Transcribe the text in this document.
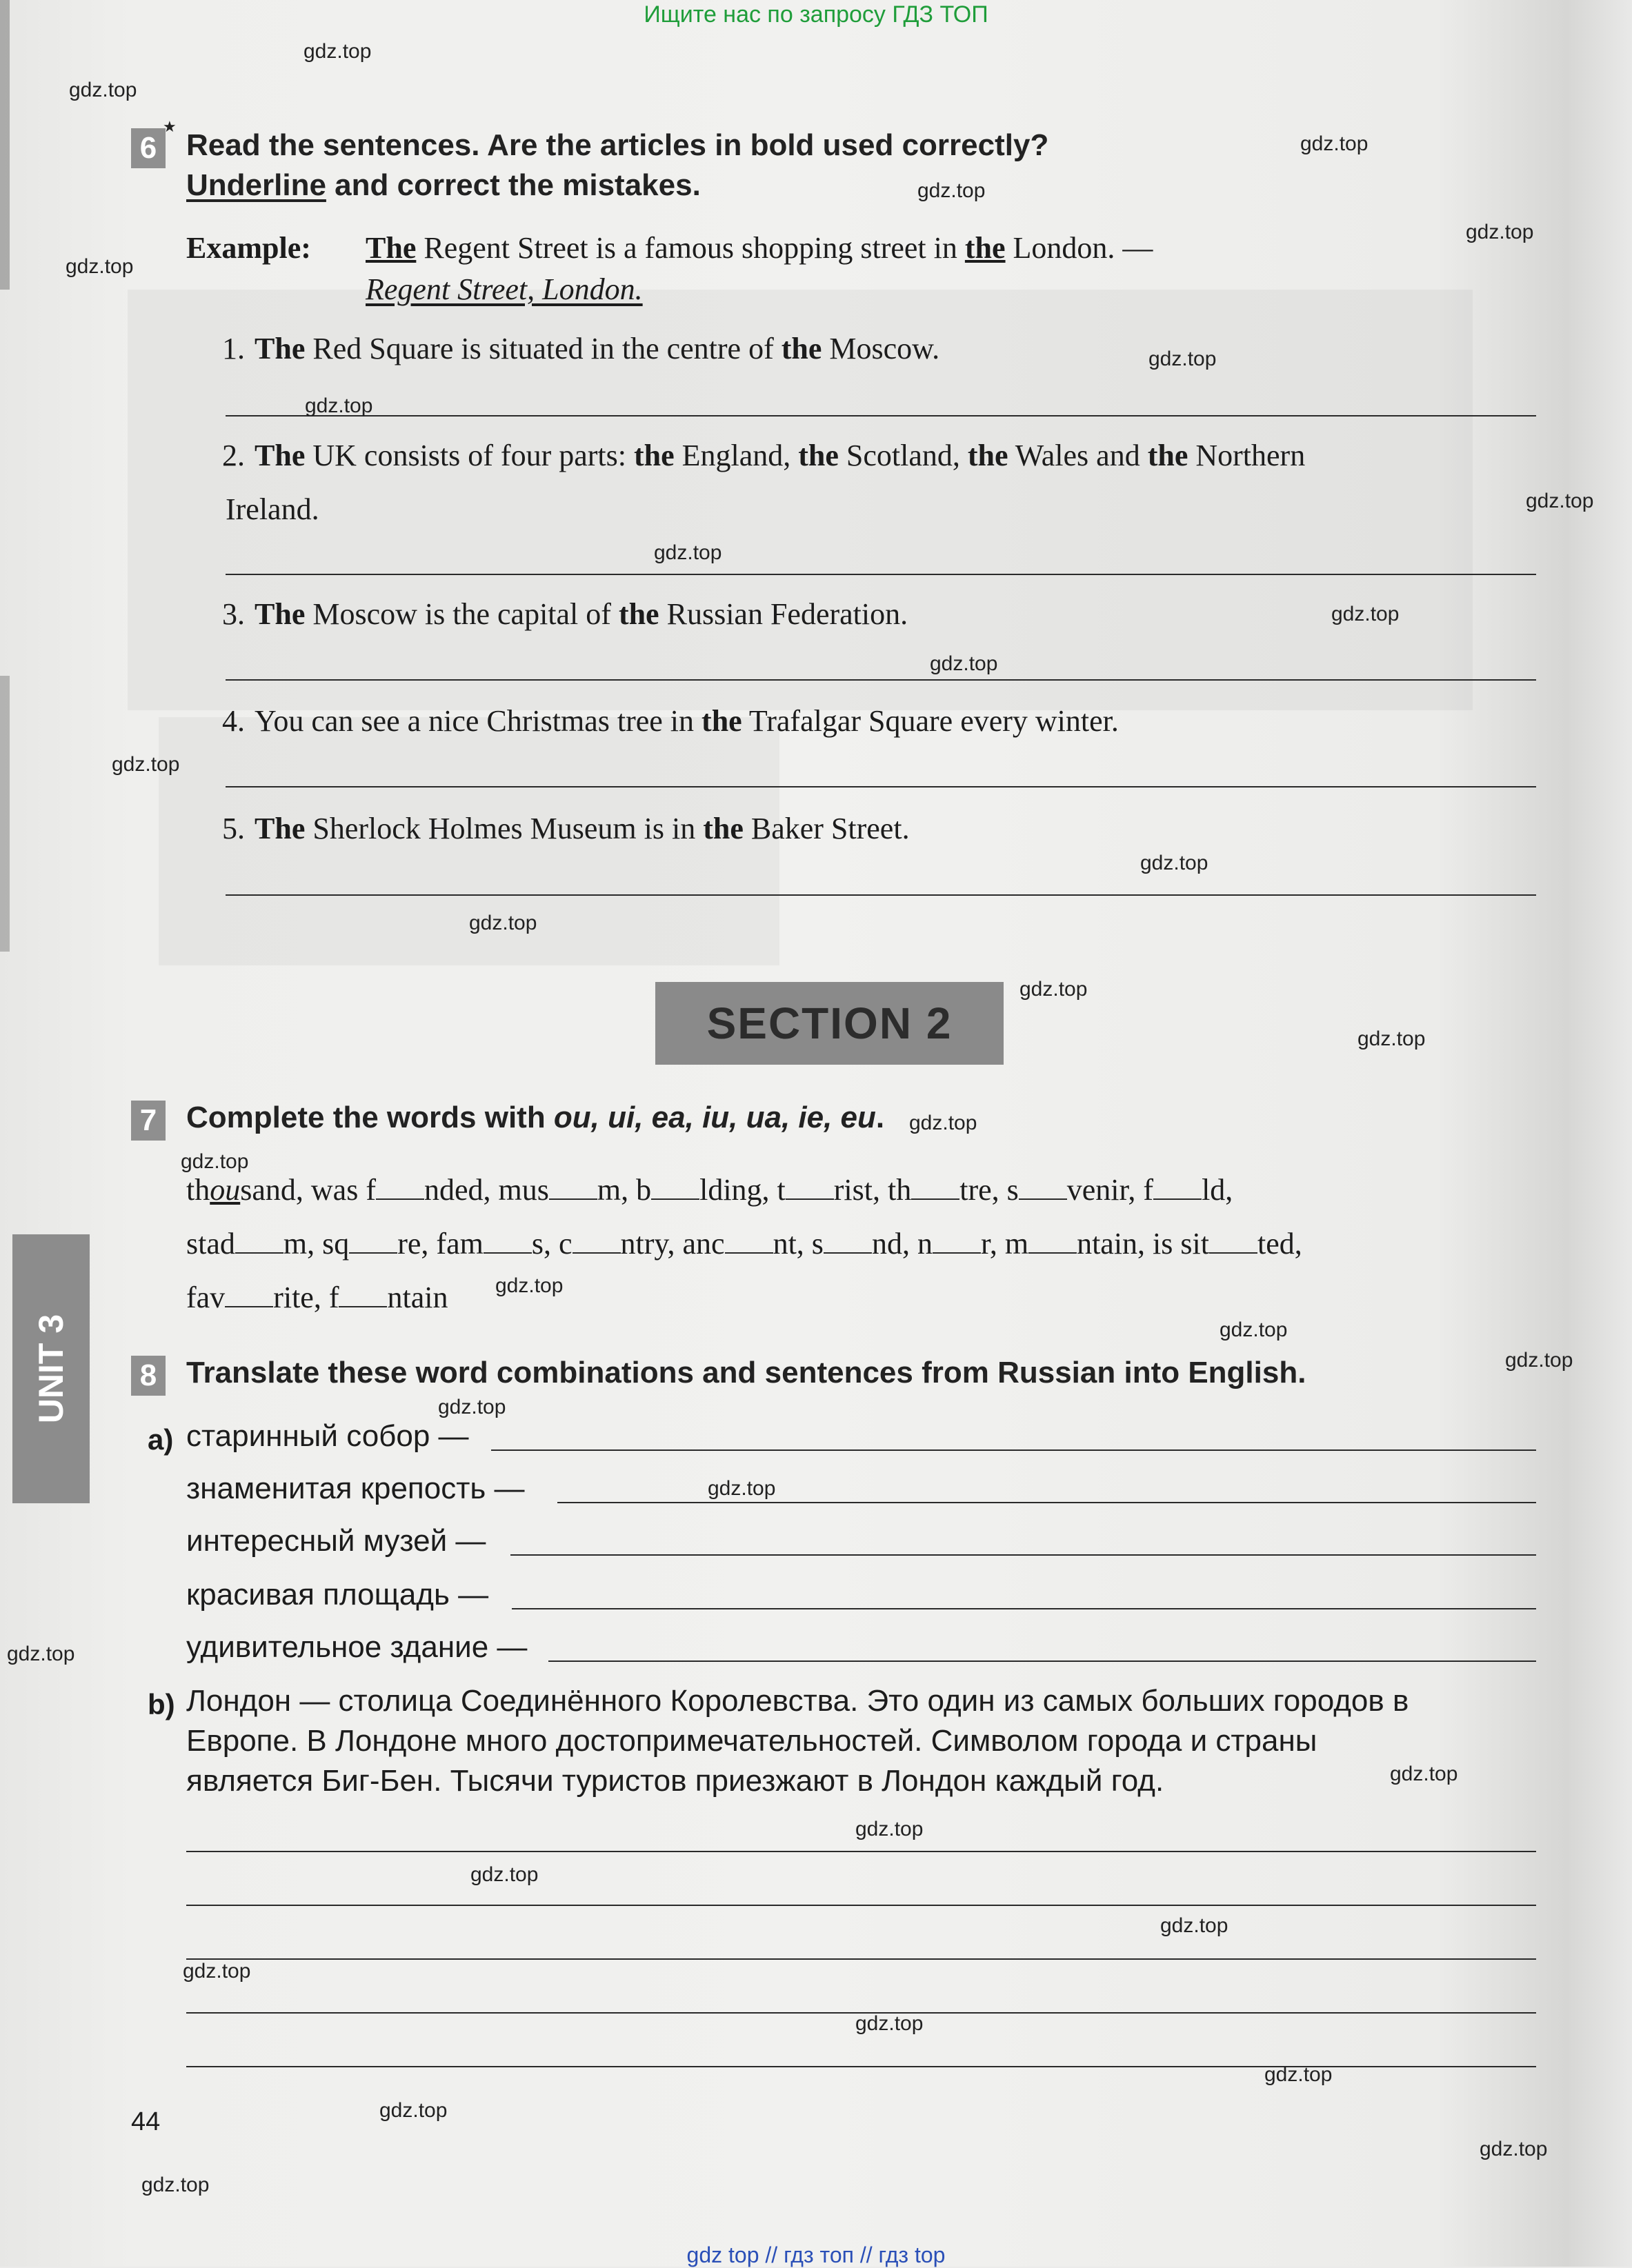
Ищите нас по запросу ГДЗ ТОП
gdz top // гдз топ // гдз top
6
★
Read the sentences. Are the articles in bold used correctly?
Underline and correct the mistakes.
Example: The Regent Street is a famous shopping street in the London. —
Regent Street, London.
1. The Red Square is situated in the centre of the Moscow.
2. The UK consists of four parts: the England, the Scotland, the Wales and the Northern
Ireland.
3. The Moscow is the capital of the Russian Federation.
4. You can see a nice Christmas tree in the Trafalgar Square every winter.
5. The Sherlock Holmes Museum is in the Baker Street.
SECTION 2
7 Complete the words with ou, ui, ea, iu, ua, ie, eu.
thousand, was f nded, mus m, b lding, t rist, th tre, s venir, f ld,
stad m, sq re, fam s, c ntry, anc nt, s nd, n r, m ntain, is sit ted,
fav rite, f ntain
8 Translate these word combinations and sentences from Russian into English.
a) старинный собор —
знаменитая крепость —
интересный музей —
красивая площадь —
удивительное здание —
b) Лондон — столица Соединённого Королевства. Это один из самых больших городов в
Европе. В Лондоне много достопримечательностей. Символом города и страны
является Биг-Бен. Тысячи туристов приезжают в Лондон каждый год.
UNIT 3
44
gdz.top
gdz.top
gdz.top
gdz.top
gdz.top
gdz.top
gdz.top
gdz.top
gdz.top
gdz.top
gdz.top
gdz.top
gdz.top
gdz.top
gdz.top
gdz.top
gdz.top
gdz.top
gdz.top
gdz.top
gdz.top
gdz.top
gdz.top
gdz.top
gdz.top
gdz.top
gdz.top
gdz.top
gdz.top
gdz.top
gdz.top
gdz.top
gdz.top
gdz.top
gdz.top
